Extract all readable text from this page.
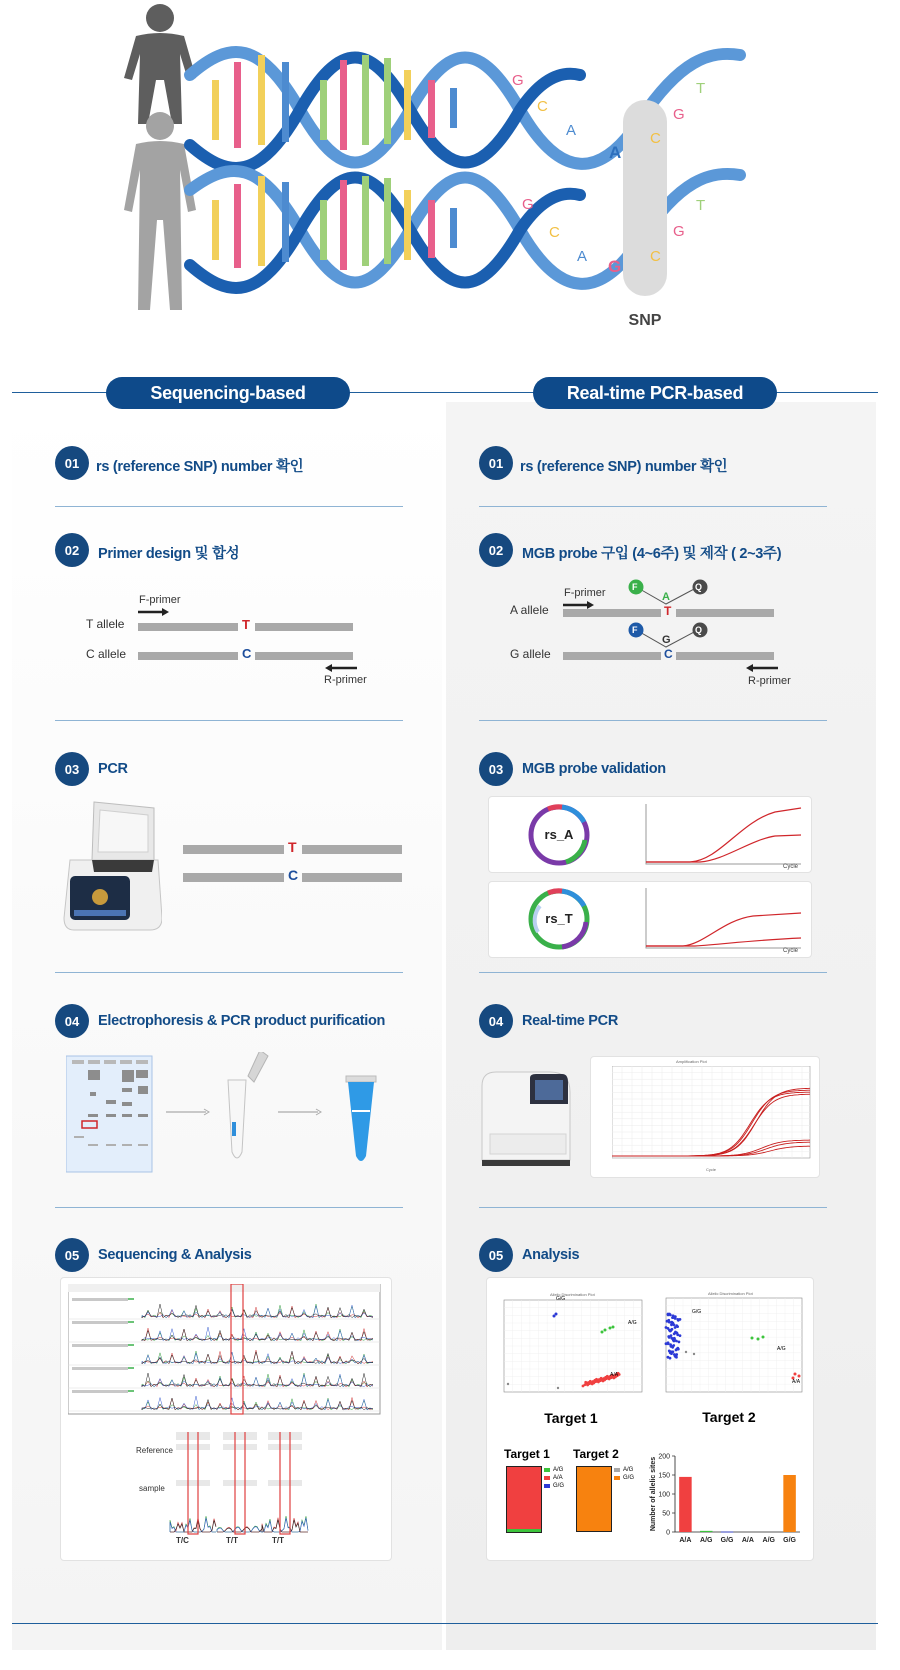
G
C
A
A
C
G
T
G
C
A
G
C
G
T
SNP
Sequencing-based	Real-time PCR-based
01	rs (reference SNP) number 확인
02	Primer design 및 합성
F-primer
T allele	T
C allele	C
R-primer
03	PCR
T
C
04	Electrophoresis & PCR product purification
05	Sequencing & Analysis
Reference
sample
T/C	T/T	T/T
01	rs (reference SNP) number 확인
02	MGB probe 구입 (4~6주) 및 제작 ( 2~3주)
F-primer	F	Q
A
A allele	T
F	Q
G
G allele	C
R-primer
03	MGB probe validation
rs_A
Cycle
rs_T
Cycle
04	Real-time PCR
Amplification Plot
Cycle
05	Analysis
Allelic Discrimination Plot
G/G
A/G
A/A
Allelic Discrimination Plot
G/G
A/G
A/A
Target 1	Target 2
Target 1
A/G
A/A
G/G
Target 2
A/G
G/G
0
50
100
150
200
Number of allelic sites
A/A A/G G/G A/A A/G G/G
